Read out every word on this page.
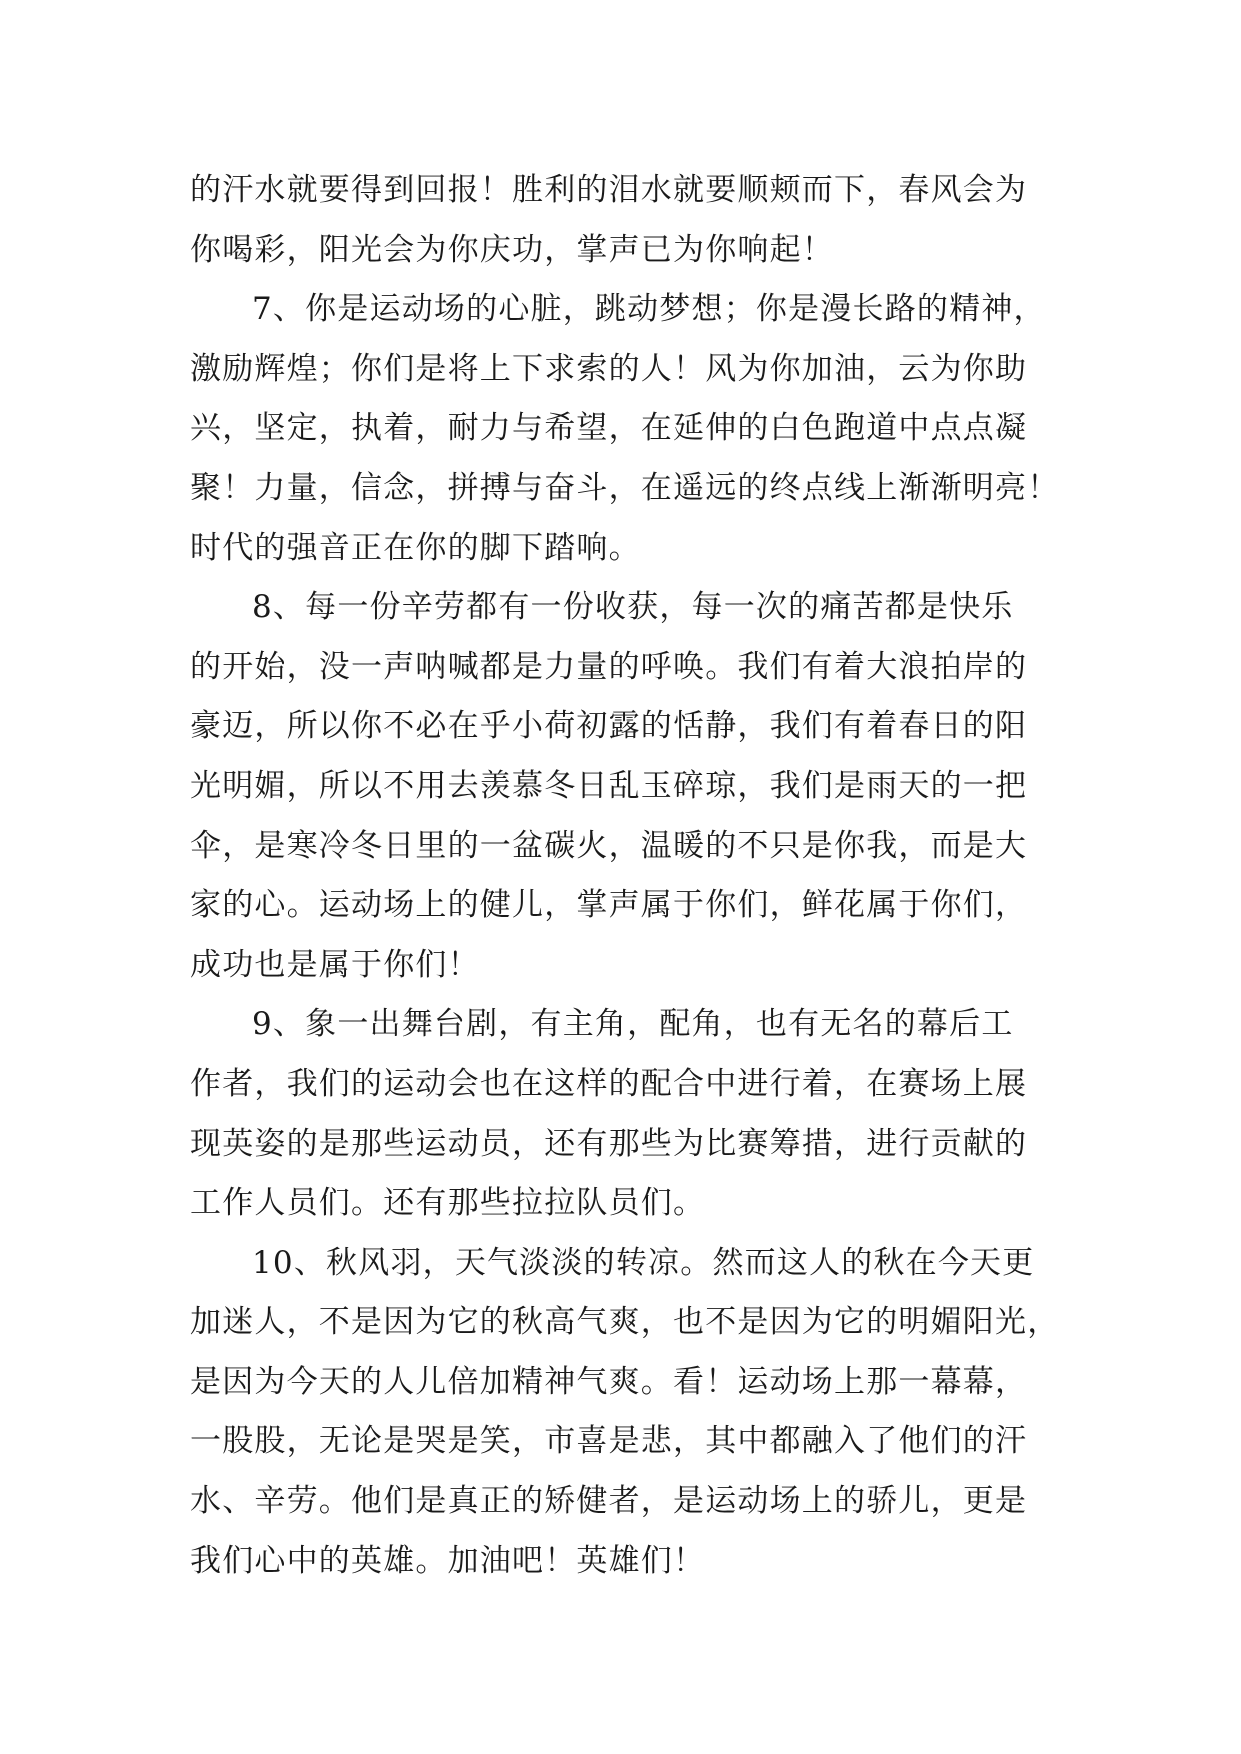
的汗水就要得到回报！胜利的泪水就要顺颊而下，春风会为
你喝彩，阳光会为你庆功，掌声已为你响起！
7、你是运动场的心脏，跳动梦想；你是漫长路的精神，
激励辉煌；你们是将上下求索的人！风为你加油，云为你助
兴，坚定，执着，耐力与希望，在延伸的白色跑道中点点凝
聚！力量，信念，拼搏与奋斗，在遥远的终点线上渐渐明亮！
时代的强音正在你的脚下踏响。
8、每一份辛劳都有一份收获，每一次的痛苦都是快乐
的开始，没一声呐喊都是力量的呼唤。我们有着大浪拍岸的
豪迈，所以你不必在乎小荷初露的恬静，我们有着春日的阳
光明媚，所以不用去羡慕冬日乱玉碎琼，我们是雨天的一把
伞，是寒冷冬日里的一盆碳火，温暖的不只是你我，而是大
家的心。运动场上的健儿，掌声属于你们，鲜花属于你们，
成功也是属于你们！
9、象一出舞台剧，有主角，配角，也有无名的幕后工
作者，我们的运动会也在这样的配合中进行着，在赛场上展
现英姿的是那些运动员，还有那些为比赛筹措，进行贡献的
工作人员们。还有那些拉拉队员们。
10、秋风羽，天气淡淡的转凉。然而这人的秋在今天更
加迷人，不是因为它的秋高气爽，也不是因为它的明媚阳光，
是因为今天的人儿倍加精神气爽。看！运动场上那一幕幕，
一股股，无论是哭是笑，市喜是悲，其中都融入了他们的汗
水、辛劳。他们是真正的矫健者，是运动场上的骄儿，更是
我们心中的英雄。加油吧！英雄们！
